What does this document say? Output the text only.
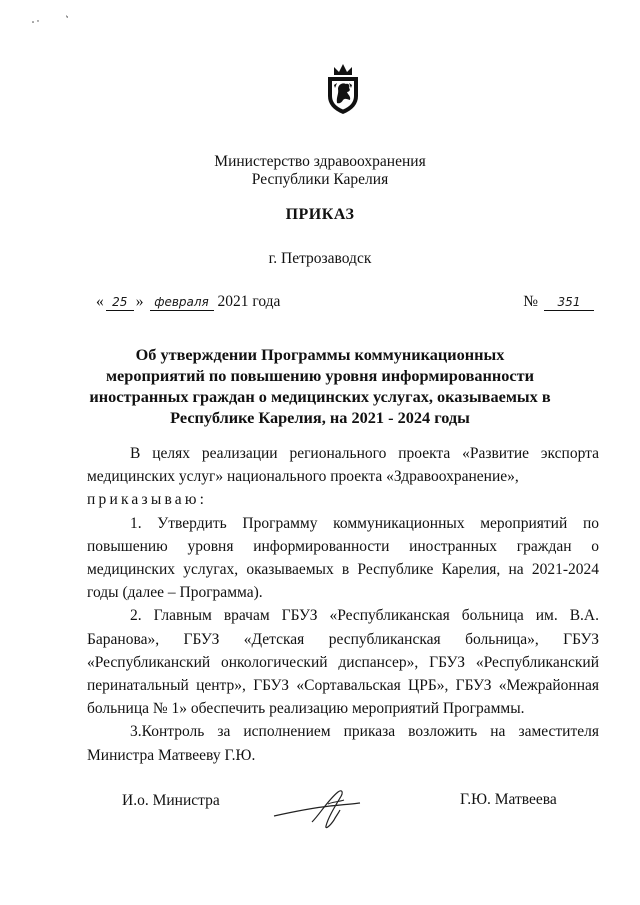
Министерство здравоохранения
Республики Карелия
ПРИКАЗ
г. Петрозаводск
« 25 » февраля 2021 года	№ 351
Об утверждении Программы коммуникационных мероприятий по повышению уровня информированности иностранных граждан о медицинских услугах, оказываемых в Республике Карелия, на 2021 - 2024 годы

В целях реализации регионального проекта «Развитие экспорта медицинских услуг» национального проекта «Здравоохранение»,

приказываю:

1. Утвердить Программу коммуникационных мероприятий по повышению уровня информированности иностранных граждан о медицинских услугах, оказываемых в Республике Карелия, на 2021-2024 годы (далее – Программа).

2. Главным врачам ГБУЗ «Республиканская больница им. В.А. Баранова», ГБУЗ «Детская республиканская больница», ГБУЗ «Республиканский онкологический диспансер», ГБУЗ «Республиканский перинатальный центр», ГБУЗ «Сортавальская ЦРБ», ГБУЗ «Межрайонная больница № 1» обеспечить реализацию мероприятий Программы.

3.Контроль за исполнением приказа возложить на заместителя Министра Матвееву Г.Ю.

И.о. Министра	Г.Ю. Матвеева
